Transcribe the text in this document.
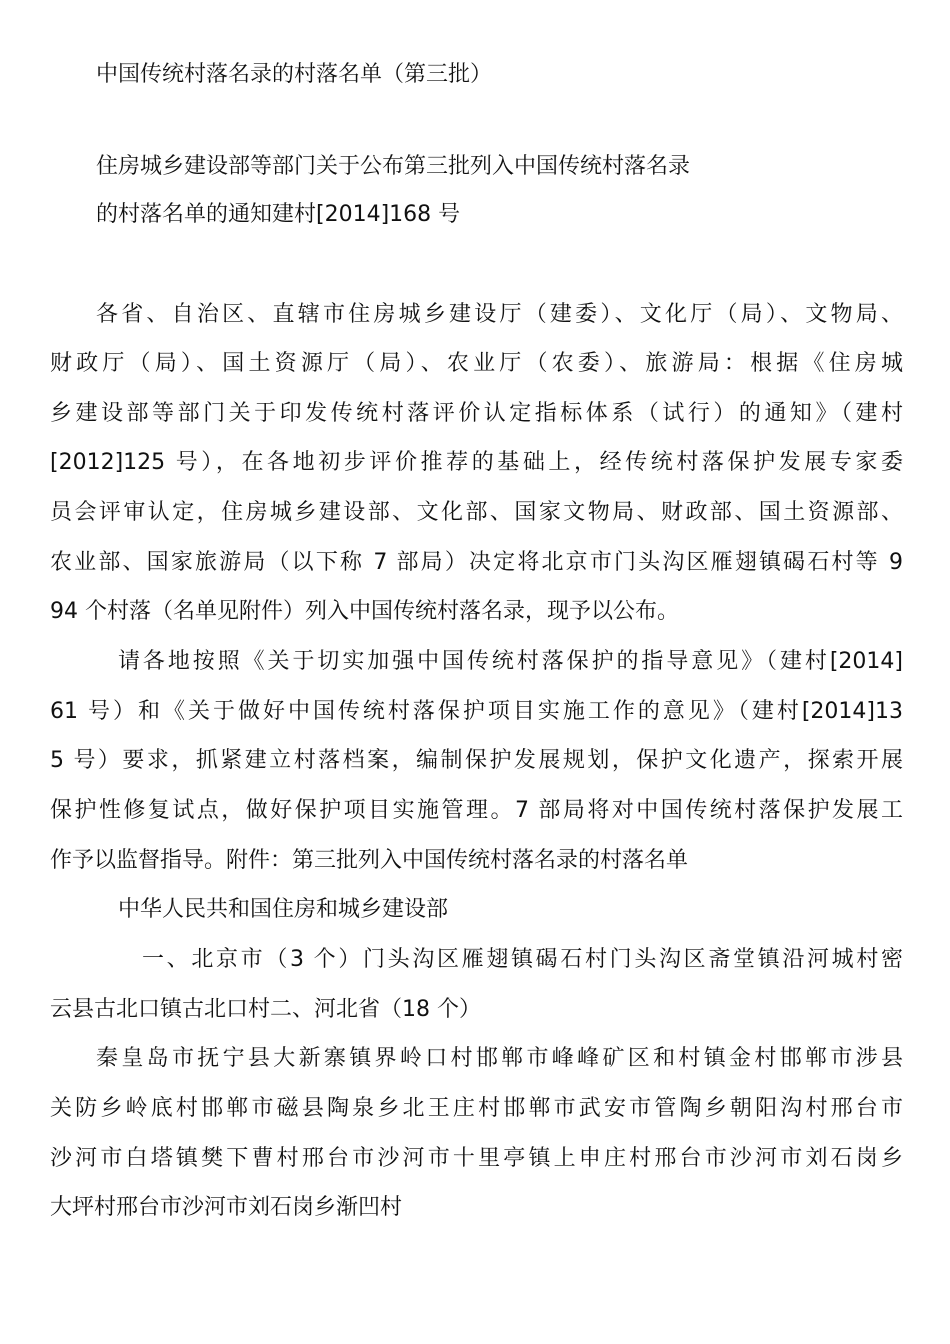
中国传统村落名录的村落名单（第三批）
住房城乡建设部等部门关于公布第三批列入中国传统村落名录
的村落名单的通知建村[2014]168 号
各省、自治区、直辖市住房城乡建设厅（建委）、文化厅（局）、文物局、
财政厅（局）、国土资源厅（局）、农业厅（农委）、旅游局：根据《住房城
乡建设部等部门关于印发传统村落评价认定指标体系（试行）的通知》（建村
[2012]125 号），在各地初步评价推荐的基础上，经传统村落保护发展专家委
员会评审认定，住房城乡建设部、文化部、国家文物局、财政部、国土资源部、
农业部、国家旅游局（以下称 7 部局）决定将北京市门头沟区雁翅镇碣石村等 9
94 个村落（名单见附件）列入中国传统村落名录，现予以公布。
请各地按照《关于切实加强中国传统村落保护的指导意见》（建村[2014]
61 号）和《关于做好中国传统村落保护项目实施工作的意见》（建村[2014]13
5 号）要求，抓紧建立村落档案，编制保护发展规划，保护文化遗产，探索开展
保护性修复试点，做好保护项目实施管理。7 部局将对中国传统村落保护发展工
作予以监督指导。附件：第三批列入中国传统村落名录的村落名单
中华人民共和国住房和城乡建设部
一、北京市（3 个）门头沟区雁翅镇碣石村门头沟区斋堂镇沿河城村密
云县古北口镇古北口村二、河北省（18 个）
秦皇岛市抚宁县大新寨镇界岭口村邯郸市峰峰矿区和村镇金村邯郸市涉县
关防乡岭底村邯郸市磁县陶泉乡北王庄村邯郸市武安市管陶乡朝阳沟村邢台市
沙河市白塔镇樊下曹村邢台市沙河市十里亭镇上申庄村邢台市沙河市刘石岗乡
大坪村邢台市沙河市刘石岗乡渐凹村
